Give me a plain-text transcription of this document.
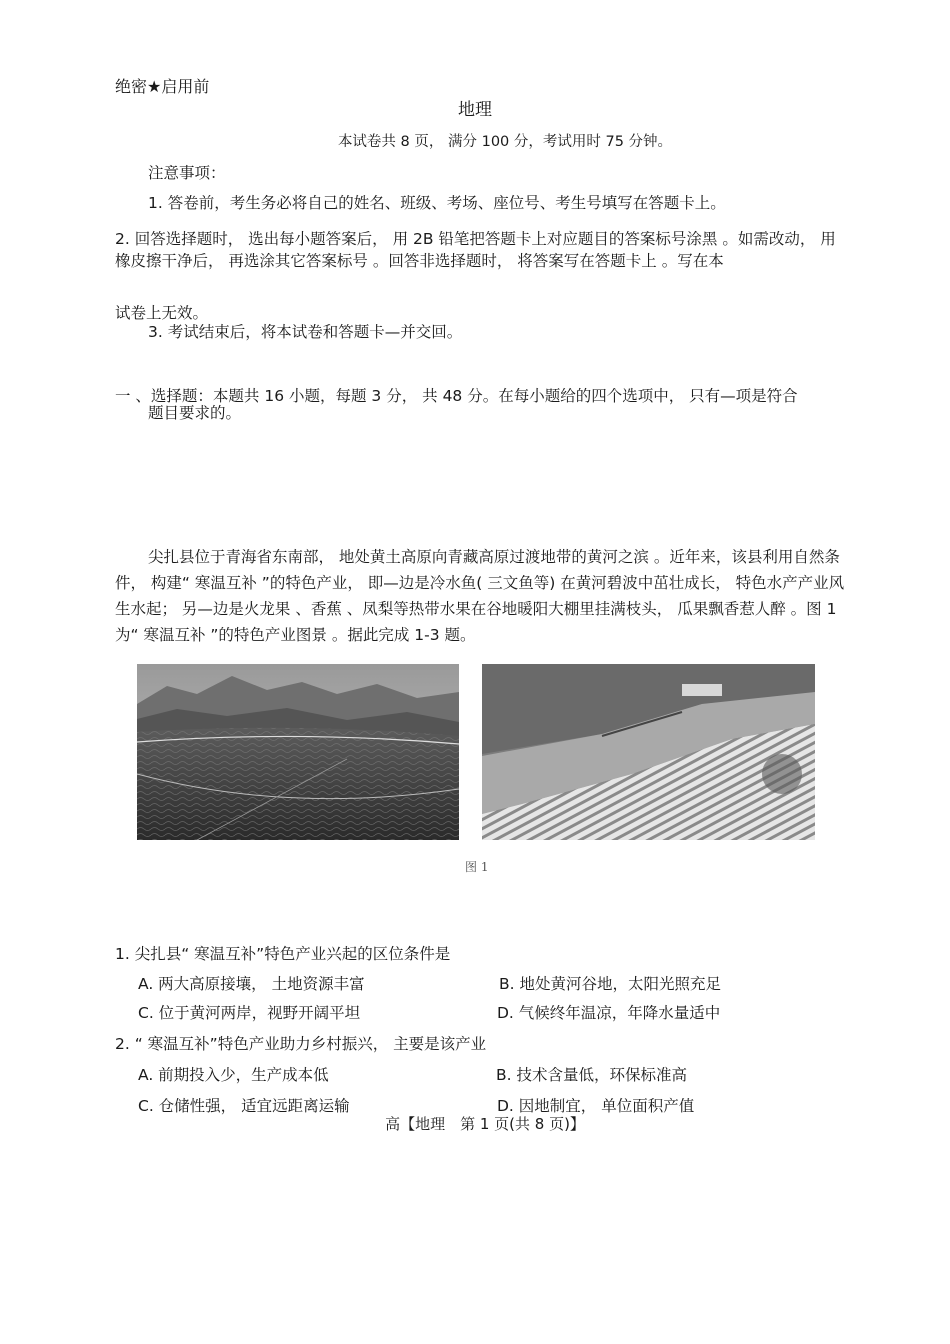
绝密★启用前
地理
本试卷共 8 页， 满分 100 分，考试用时 75 分钟。
注意事项：
1. 答卷前，考生务必将自己的姓名、班级、考场、座位号、考生号填写在答题卡上。
2. 回答选择题时， 选出每小题答案后， 用 2B 铅笔把答题卡上对应题目的答案标号涂黑 。如需改动， 用橡皮擦干净后， 再选涂其它答案标号 。回答非选择题时， 将答案写在答题卡上 。写在本
试卷上无效。
3. 考试结束后，将本试卷和答题卡—并交回。
一 、选择题：本题共 16 小题，每题 3 分， 共 48 分。在每小题给的四个选项中， 只有—项是符合
题目要求的。
尖扎县位于青海省东南部， 地处黄土高原向青藏高原过渡地带的黄河之滨 。近年来，该县利用自然条件， 构建“ 寒温互补 ”的特色产业， 即—边是冷水鱼( 三文鱼等) 在黄河碧波中茁壮成长， 特色水产产业风生水起； 另—边是火龙果 、香蕉 、凤梨等热带水果在谷地暖阳大棚里挂满枝头， 瓜果飘香惹人醉 。图 1 为“ 寒温互补 ”的特色产业图景 。据此完成 1-3 题。
图 1
1. 尖扎县“ 寒温互补”特色产业兴起的区位条件是
A. 两大高原接壤， 土地资源丰富	B. 地处黄河谷地，太阳光照充足
C. 位于黄河两岸，视野开阔平坦	D. 气候终年温凉，年降水量适中
2. “ 寒温互补”特色产业助力乡村振兴， 主要是该产业
A. 前期投入少，生产成本低	B. 技术含量低，环保标准高
C. 仓储性强， 适宜远距离运输	D. 因地制宜， 单位面积产值
高【地理　第 1 页(共 8 页)】
